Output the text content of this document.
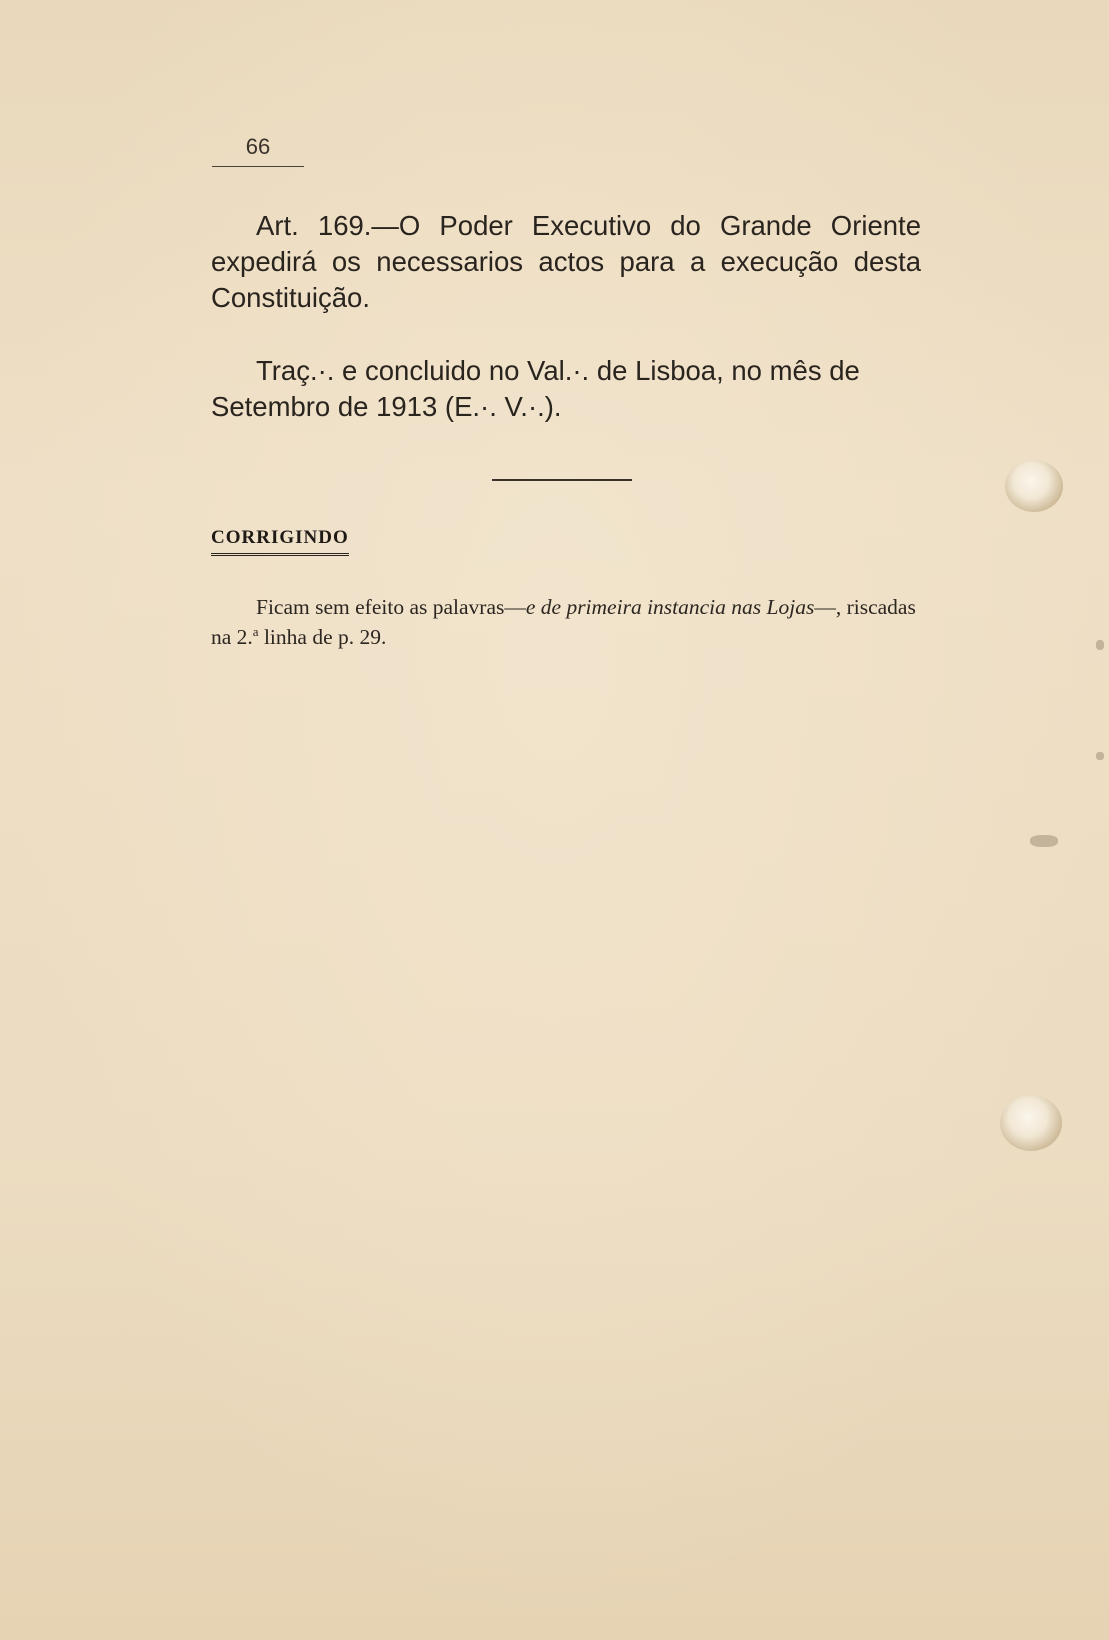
66
Art. 169.—O Poder Executivo do Grande Oriente expedirá os necessarios actos para a execução desta Constituição.
Traç.·. e concluido no Val.·. de Lisboa, no mês de
Setembro de 1913 (E.·. V.·.).
CORRIGINDO
Ficam sem efeito as palavras—e de primeira instancia nas Lojas—, riscadas na 2.$^a$ linha de p. 29.
